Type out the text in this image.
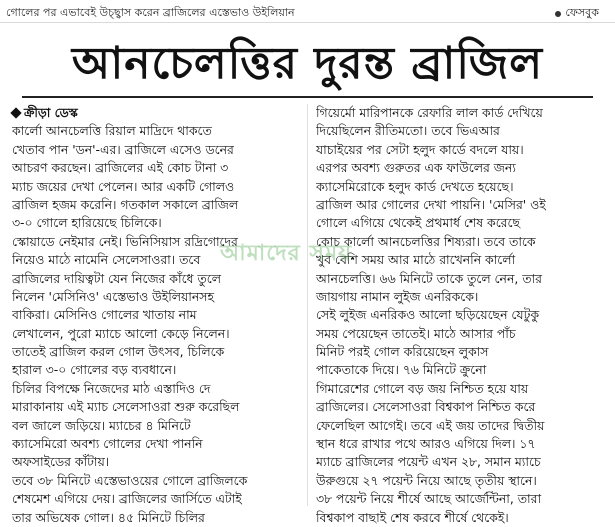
গোলের পর এভাবেই উচ্ছ্বাস করেন ব্রাজিলের এস্তেভাও উইলিয়ান	ফেসবুক
আনচেলত্তির দুরন্ত ব্রাজিল
ক্রীড়া ডেস্ক
কার্লো আনচেলত্তি রিয়াল মাদ্রিদে থাকতে
খেতাব পান 'ডন'-এর। ব্রাজিলে এসেও ডনের
আচরণ করছেন। ব্রাজিলের এই কোচ টানা ৩
ম্যাচ জয়ের দেখা পেলেন। আর একটি গোলও
ব্রাজিল হজম করেনি। গতকাল সকালে ব্রাজিল
৩-০ গোলে হারিয়েছে চিলিকে।
স্কোয়াডে নেইমার নেই। ভিনিসিয়াস রদ্রিগোদের
নিয়েও মাঠে নামেনি সেলেসাওরা। তবে
ব্রাজিলের দায়িত্বটা যেন নিজের কাঁধে তুলে
নিলেন 'মেসিনিও' এস্তেভাও উইলিয়ানসহ
বাকিরা। মেসিনিও গোলের খাতায় নাম
লেখালেন, পুরো ম্যাচে আলো কেড়ে নিলেন।
তাতেই ব্রাজিল করল গোল উৎসব, চিলিকে
হারাল ৩-০ গোলের বড় ব্যবধানে।
চিলির বিপক্ষে নিজেদের মাঠ এস্তাদিও দে
মারাকানায় এই ম্যাচ সেলেসাওরা শুরু করেছিল
বল জালে জড়িয়ে। ম্যাচের ৪ মিনিটে
ক্যাসেমিরো অবশ্য গোলের দেখা পাননি
অফসাইডের কাঁটায়।
তবে ৩৮ মিনিটে এস্তেভাওয়ের গোলে ব্রাজিলকে
শেষমেশ এগিয়ে দেয়। ব্রাজিলের জার্সিতে এটাই
তার অভিষেক গোল। ৪৫ মিনিটে চিলির
গিয়ের্মো মারিপানকে রেফারি লাল কার্ড দেখিয়ে
দিয়েছিলেন রীতিমতো। তবে ভিএআর
যাচাইয়ের পর সেটা হলুদ কার্ডে বদলে যায়।
এরপর অবশ্য গুরুতর এক ফাউলের জন্য
ক্যাসেমিরোকে হলুদ কার্ড দেখতে হয়েছে।
ব্রাজিল আর গোলের দেখা পায়নি। 'মেসির' ওই
গোলে এগিয়ে থেকেই প্রথমার্ধ শেষ করেছে
কোচ কার্লো আনচেলত্তির শিষ্যরা। তবে তাকে
খুব বেশি সময় আর মাঠে রাখেননি কার্লো
আনচেলত্তি। ৬৬ মিনিটে তাকে তুলে নেন, তার
জায়গায় নামান লুইজ এনরিককে।
সেই লুইজ এনরিকও আলো ছড়িয়েছেন যেটুকু
সময় পেয়েছেন তাতেই। মাঠে আসার পাঁচ
মিনিট পরই গোল করিয়েছেন লুকাস
পাকেতাকে দিয়ে। ৭৬ মিনিটে ক্রুনো
গিমারেশের গোলে বড় জয় নিশ্চিত হয়ে যায়
ব্রাজিলের। সেলেসাওরা বিশ্বকাপ নিশ্চিত করে
ফেলেছিল আগেই। তবে এই জয় তাদের দ্বিতীয়
স্থান ধরে রাখার পথে আরও এগিয়ে দিল। ১৭
ম্যাচে ব্রাজিলের পয়েন্ট এখন ২৮, সমান ম্যাচে
উরুগুয়ে ২৭ পয়েন্ট নিয়ে আছে তৃতীয় স্থানে।
৩৮ পয়েন্ট নিয়ে শীর্ষে আছে আর্জেন্টিনা, তারা
বিশ্বকাপ বাছাই শেষ করবে শীর্ষে থেকেই।
আমাদের সময়
